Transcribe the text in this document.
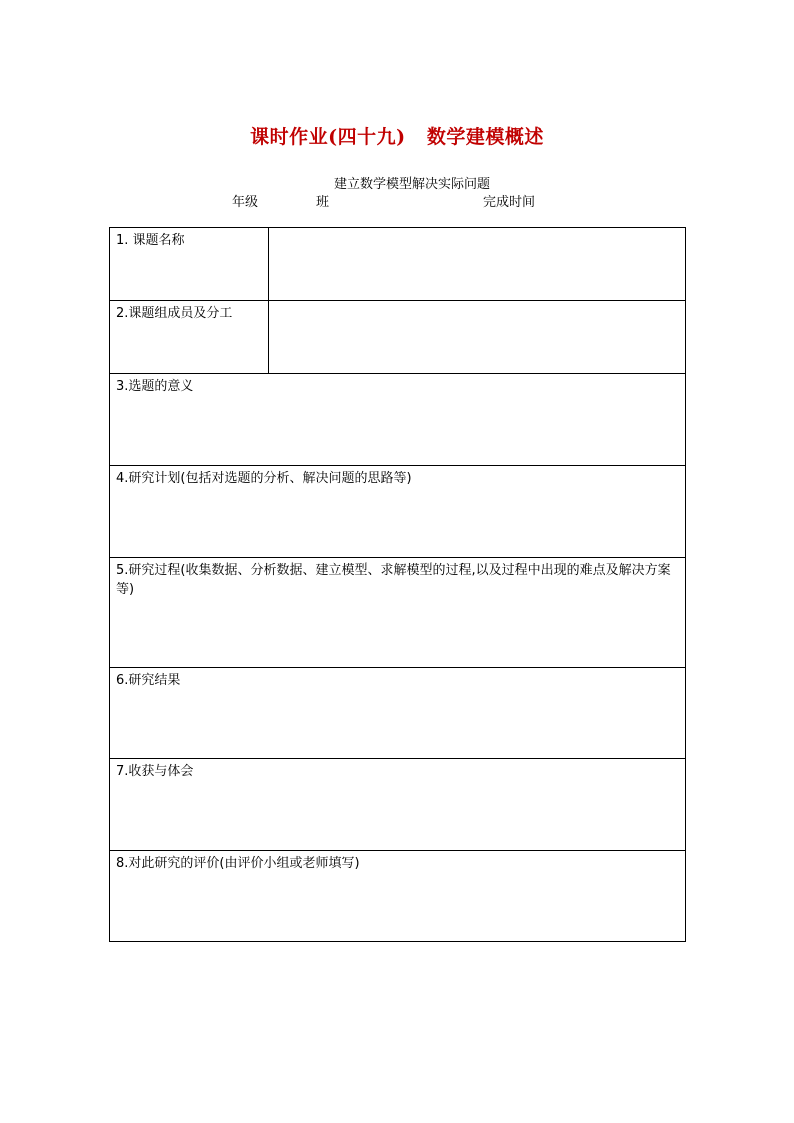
课时作业(四十九)   数学建模概述
建立数学模型解决实际问题
年级	班	完成时间
1. 课题名称	
2.课题组成员及分工	
3.选题的意义	
4.研究计划(包括对选题的分析、解决问题的思路等)	
5.研究过程(收集数据、分析数据、建立模型、求解模型的过程,以及过程中出现的难点及解决方案等)	
6.研究结果	
7.收获与体会	
8.对此研究的评价(由评价小组或老师填写)	
